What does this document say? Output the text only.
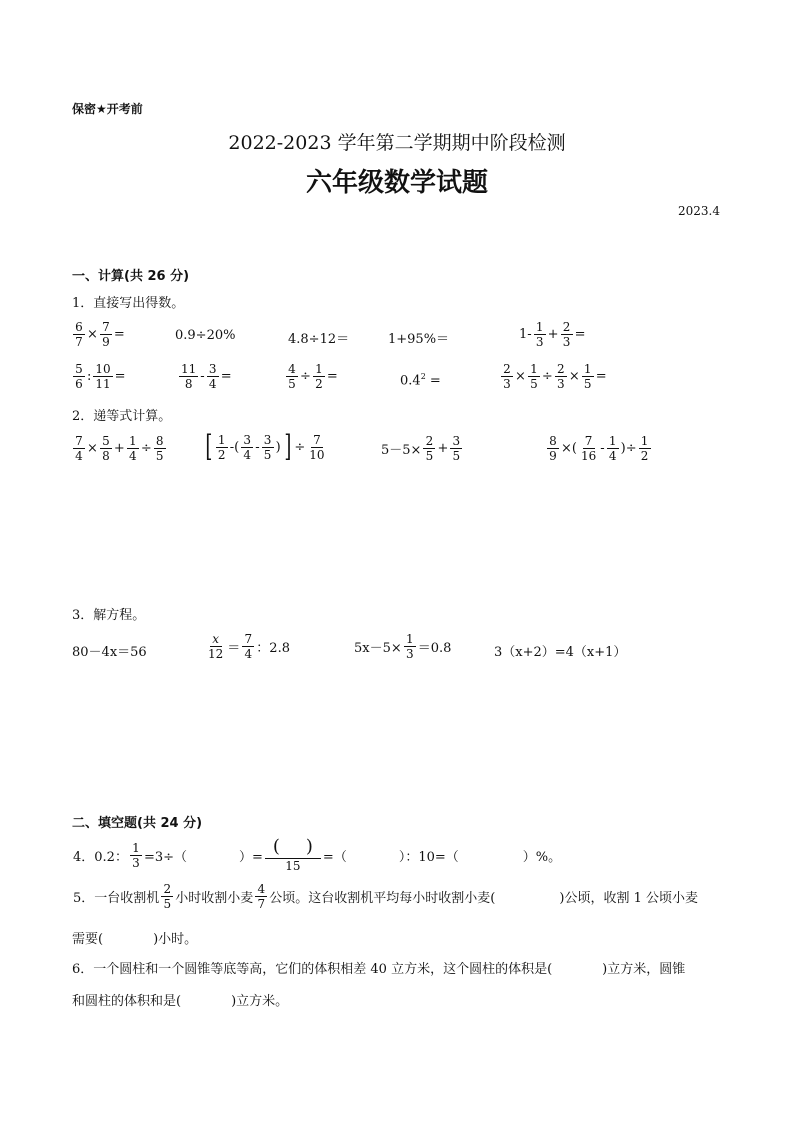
保密★开考前
2022-2023 学年第二学期期中阶段检测
六年级数学试题
2023.4
一、计算(共 26 分)
1．直接写出得数。
$\frac{6}{7} \times \frac{7}{9}$ =	0.9÷20%	4.8÷12＝	1+95%＝	$1- \frac{1}{3} + \frac{2}{3}$ =
$\frac{5}{6}$ : $\frac{10}{11}$ =	$\frac{11}{8} - \frac{3}{4}$ =	$\frac{4}{5} \div \frac{1}{2}$ =	$0.4^2$ =	$\frac{2}{3} \times \frac{1}{5} \div \frac{2}{3} \times \frac{1}{5}$ =
2．递等式计算。
$\frac{7}{4} \times \frac{5}{8} + \frac{1}{4} \div \frac{8}{5}$ [ $\frac{1}{2}$ -( $\frac{3}{4} - \frac{3}{5}$ ) ] ÷ $\frac{7}{10}$	$5-5\times \frac{2}{5} + \frac{3}{5}$	$\frac{8}{9}$ ×( $\frac{7}{16} - \frac{1}{4}$ )÷ $\frac{1}{2}$
3．解方程。
80－4x＝56	$\frac{x}{12} = \frac{7}{4}$ ：2.8	$5x-5\times \frac{1}{3} =0.8$	3（x+2）=4（x+1）
二、填空题(共 24 分)
4．0.2： $\frac{1}{3} =3\div$（	）= $\frac{( )}{15}$ =（	）：10=（	）%。
5．一台收割机 $\frac{2}{5}$ 小时收割小麦 $\frac{4}{7}$ 公顷。这台收割机平均每小时收割小麦(	)公顷，收割 1 公顷小麦
需要(	)小时。
6．一个圆柱和一个圆锥等底等高，它们的体积相差 40 立方米，这个圆柱的体积是(	)立方米，圆锥
和圆柱的体积和是(	)立方米。
